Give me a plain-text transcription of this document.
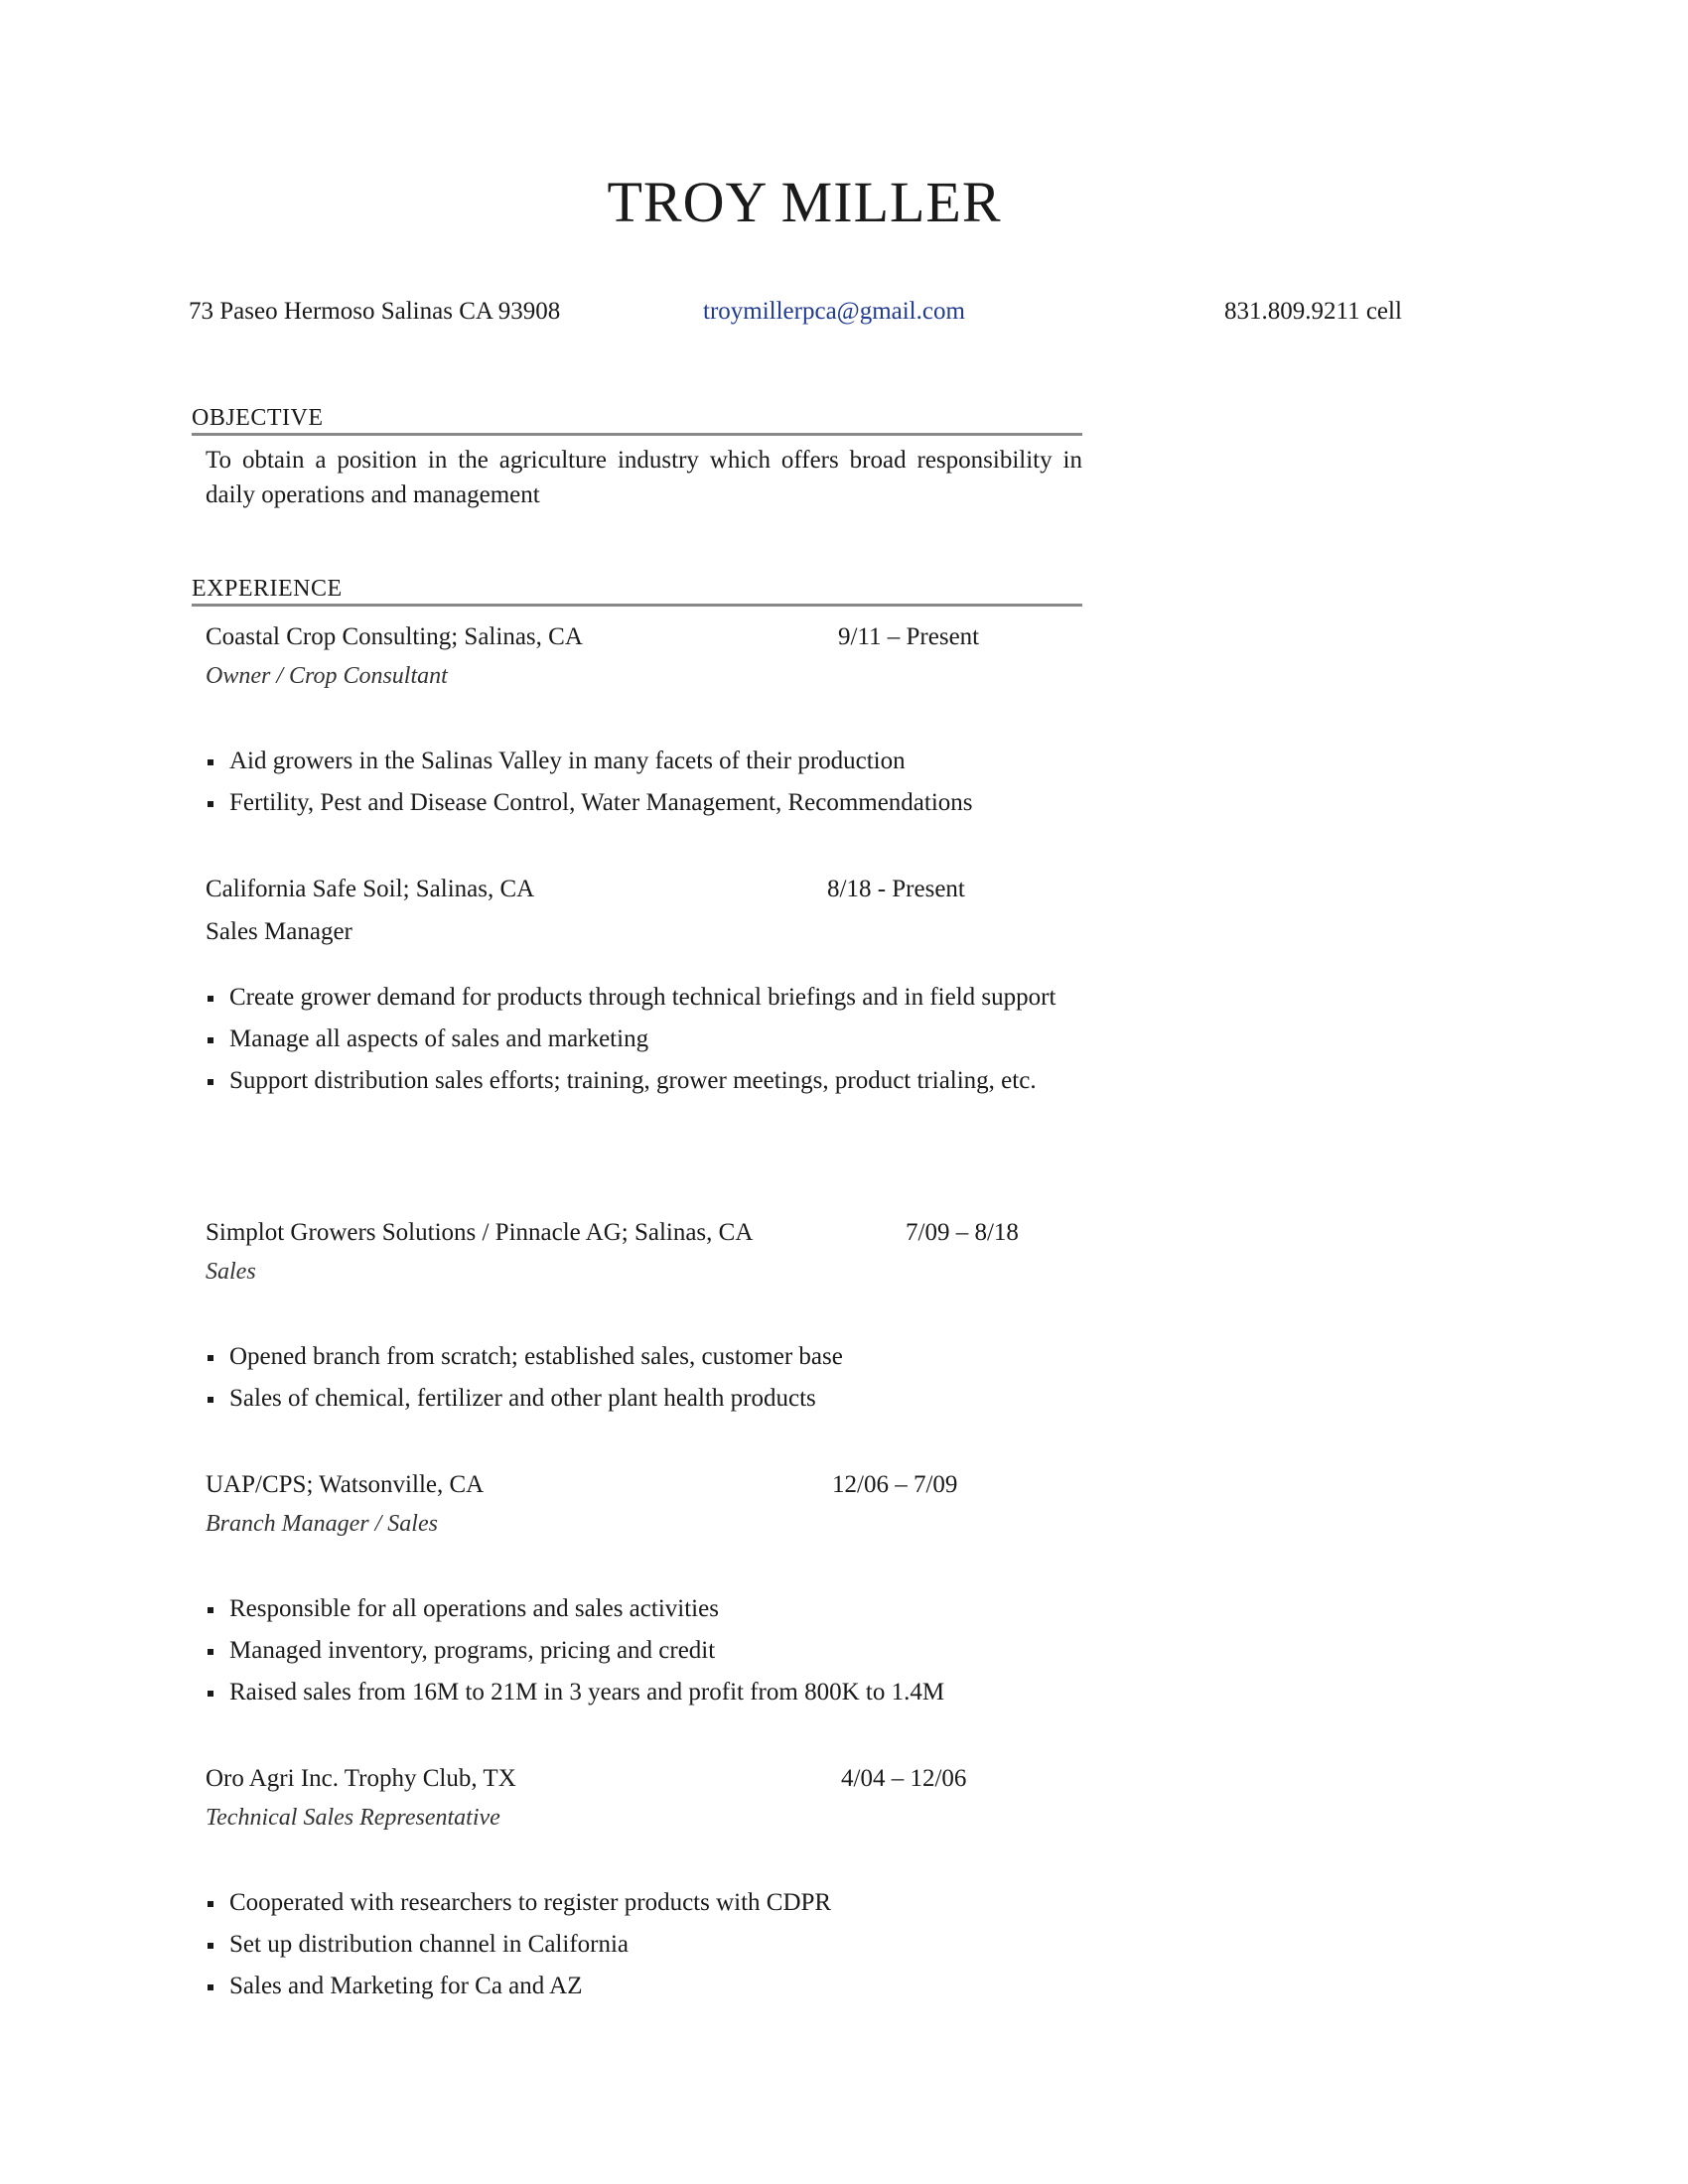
TROY MILLER
73 Paseo Hermoso Salinas CA 93908	troymillerpca@gmail.com	831.809.9211 cell
OBJECTIVE
To obtain a position in the agriculture industry which offers broad responsibility in daily operations and management
EXPERIENCE
Coastal Crop Consulting; Salinas, CA	9/11 – Present
Owner / Crop Consultant
Aid growers in the Salinas Valley in many facets of their production
Fertility, Pest and Disease Control, Water Management, Recommendations
California Safe Soil; Salinas, CA	8/18 - Present
Sales Manager
Create grower demand for products through technical briefings and in field support
Manage all aspects of sales and marketing
Support distribution sales efforts; training, grower meetings, product trialing, etc.
Simplot Growers Solutions / Pinnacle AG; Salinas, CA	7/09 – 8/18
Sales
Opened branch from scratch; established sales, customer base
Sales of chemical, fertilizer and other plant health products
UAP/CPS; Watsonville, CA	12/06 – 7/09
Branch Manager / Sales
Responsible for all operations and sales activities
Managed inventory, programs, pricing and credit
Raised sales from 16M to 21M in 3 years and profit from 800K to 1.4M
Oro Agri Inc. Trophy Club, TX	4/04 – 12/06
Technical Sales Representative
Cooperated with researchers to register products with CDPR
Set up distribution channel in California
Sales and Marketing for Ca and AZ
